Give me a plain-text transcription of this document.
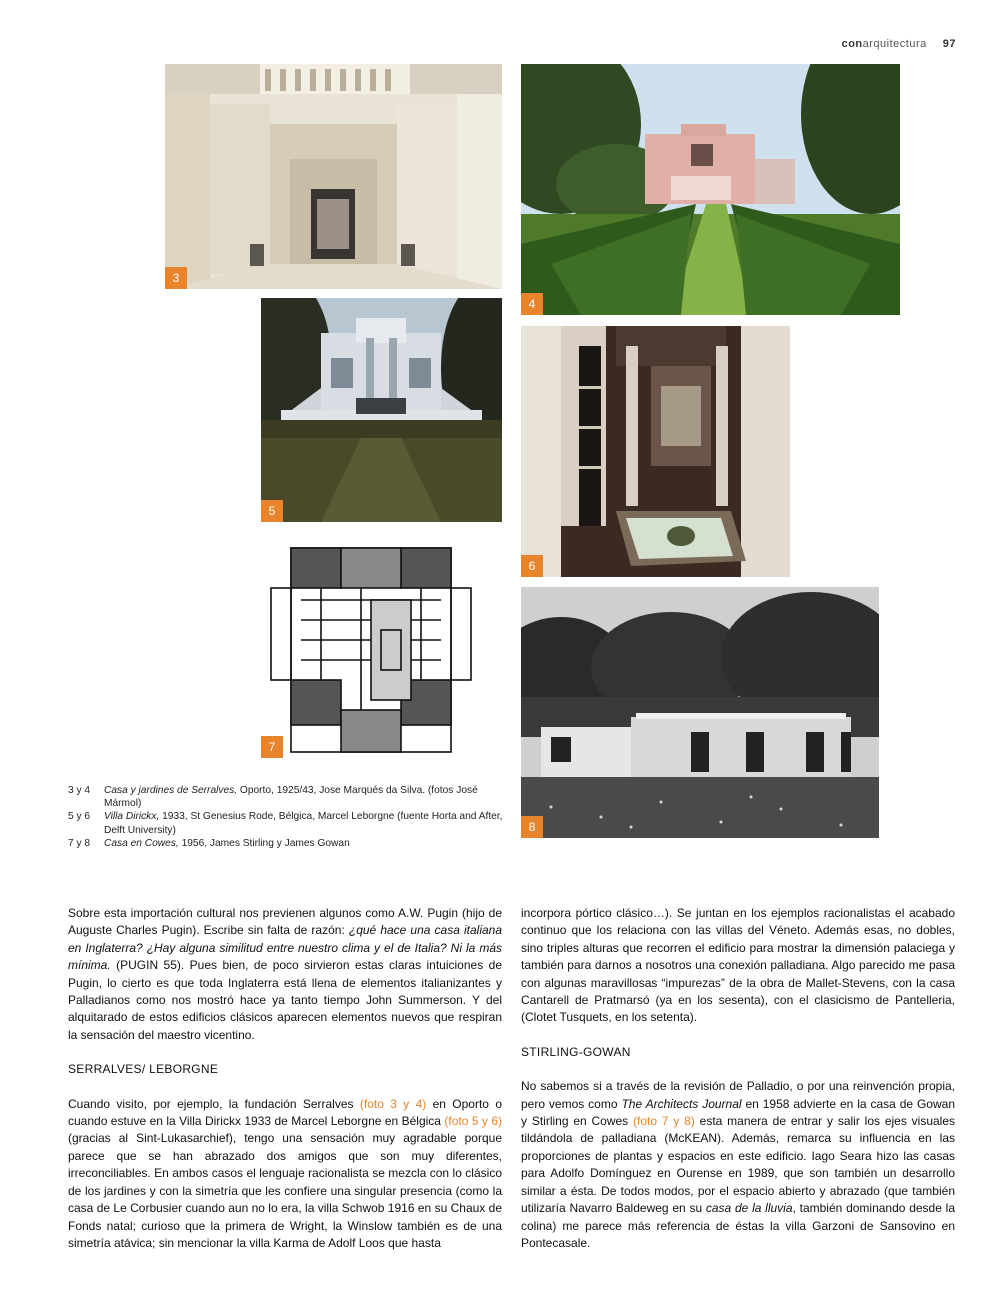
conarquitectura 97
3
4
5
6
7
8
3 y 4	Casa y jardines de Serralves, Oporto, 1925/43, Jose Marqués da Silva. (fotos José Mármol)
5 y 6	Villa Dirickx, 1933, St Genesius Rode, Bélgica, Marcel Leborgne (fuente Horta and After, Delft University)
7 y 8	Casa en Cowes, 1956, James Stirling y James Gowan

Sobre esta importación cultural nos previenen algunos como A.W. Pugin (hijo de Auguste Charles Pugin). Escribe sin falta de razón: ¿qué hace una casa italiana en Inglaterra? ¿Hay alguna similitud entre nuestro clima y el de Italia? Ni la más mínima. (PUGIN 55). Pues bien, de poco sirvieron estas claras intuiciones de Pugin, lo cierto es que toda Inglaterra está llena de elementos italianizantes y Palladianos como nos mostró hace ya tanto tiempo John Summerson. Y del alquitarado de estos edificios clásicos aparecen elementos nuevos que respiran la sensación del maestro vicentino.

SERRALVES/ LEBORGNE

Cuando visito, por ejemplo, la fundación Serralves (foto 3 y 4) en Oporto o cuando estuve en la Villa Dirickx 1933 de Marcel Leborgne en Bélgica (foto 5 y 6) (gracias al Sint-Lukasarchief), tengo una sensación muy agradable porque parece que se han abrazado dos amigos que son muy diferentes, irreconciliables. En ambos casos el lenguaje racionalista se mezcla con lo clásico de los jardines y con la simetría que les confiere una singular presencia (como la casa de Le Corbusier cuando aun no lo era, la villa Schwob 1916 en su Chaux de Fonds natal; curioso que la primera de Wright, la Winslow también es de una simetría atávica; sin mencionar la villa Karma de Adolf Loos que hasta

incorpora pórtico clásico…). Se juntan en los ejemplos racionalistas el acabado continuo que los relaciona con las villas del Véneto. Además esas, no dobles, sino triples alturas que recorren el edificio para mostrar la dimensión palaciega y también para darnos a nosotros una conexión palladiana. Algo parecido me pasa con algunas maravillosas “impurezas” de la obra de Mallet-Stevens, con la casa Cantarell de Pratmarsó (ya en los sesenta), con el clasicismo de Pantelleria, (Clotet Tusquets, en los setenta).

STIRLING-GOWAN

No sabemos si a través de la revisión de Palladio, o por una reinvención propia, pero vemos como The Architects Journal en 1958 advierte en la casa de Gowan y Stirling en Cowes (foto 7 y 8) esta manera de entrar y salir los ejes visuales tildándola de palladiana (McKEAN). Además, remarca su influencia en las proporciones de plantas y espacios en este edificio. Iago Seara hizo las casas para Adolfo Domínguez en Ourense en 1989, que son también un desarrollo similar a ésta. De todos modos, por el espacio abierto y abrazado (que también utilizaría Navarro Baldeweg en su casa de la lluvia, también dominando desde la colina) me parece más referencia de éstas la villa Garzoni de Sansovino en Pontecasale.
